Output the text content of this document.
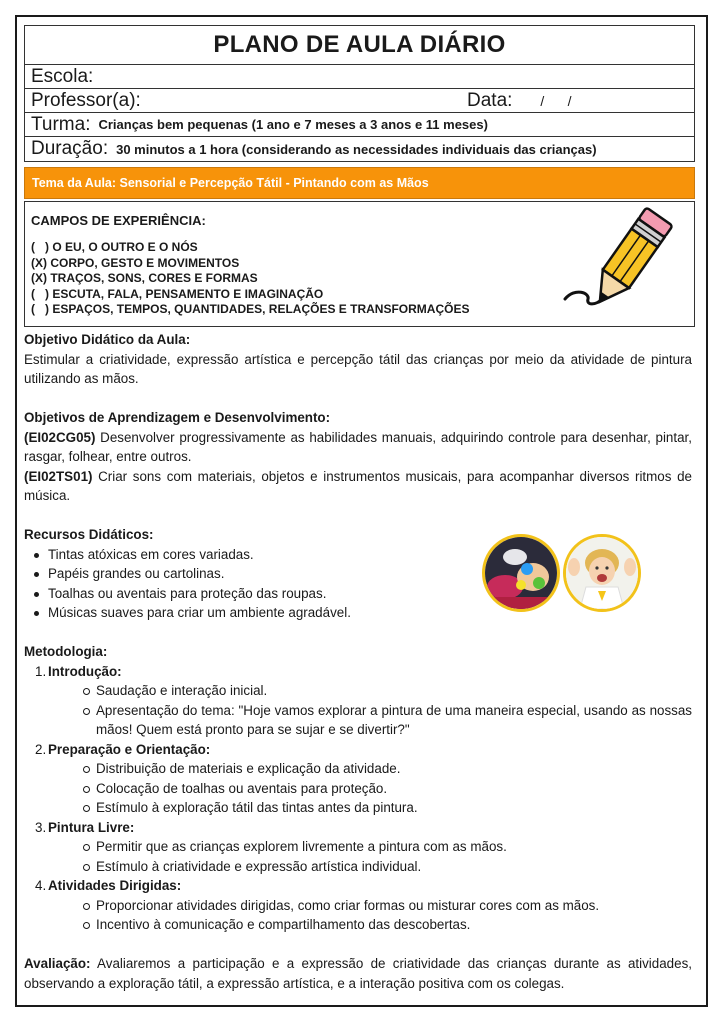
PLANO DE AULA DIÁRIO
Escola:
Professor(a):	Data: /      /
Turma: Crianças bem pequenas (1 ano e 7 meses a 3 anos e 11 meses)
Duração: 30 minutos a 1 hora (considerando as necessidades individuais das crianças)
Tema da Aula: Sensorial e Percepção Tátil - Pintando com as Mãos
CAMPOS DE EXPERIÊNCIA:
(   ) O EU, O OUTRO E O NÓS
(X) CORPO, GESTO E MOVIMENTOS
(X) TRAÇOS, SONS, CORES E FORMAS
(   ) ESCUTA, FALA, PENSAMENTO E IMAGINAÇÃO
(   ) ESPAÇOS, TEMPOS, QUANTIDADES, RELAÇÕES E TRANSFORMAÇÕES

Objetivo Didático da Aula:

Estimular a criatividade, expressão artística e percepção tátil das crianças por meio da atividade de pintura utilizando as mãos.

Objetivos de Aprendizagem e Desenvolvimento:

(EI02CG05) Desenvolver progressivamente as habilidades manuais, adquirindo controle para desenhar, pintar, rasgar, folhear, entre outros.

(EI02TS01) Criar sons com materiais, objetos e instrumentos musicais, para acompanhar diversos ritmos de música.

Recursos Didáticos:

Tintas atóxicas em cores variadas.
Papéis grandes ou cartolinas.
Toalhas ou aventais para proteção das roupas.
Músicas suaves para criar um ambiente agradável.

Metodologia:

1. Introdução:
Saudação e interação inicial.
Apresentação do tema: "Hoje vamos explorar a pintura de uma maneira especial, usando as nossas mãos! Quem está pronto para se sujar e se divertir?"
2. Preparação e Orientação:
Distribuição de materiais e explicação da atividade.
Colocação de toalhas ou aventais para proteção.
Estímulo à exploração tátil das tintas antes da pintura.
3. Pintura Livre:
Permitir que as crianças explorem livremente a pintura com as mãos.
Estímulo à criatividade e expressão artística individual.
4. Atividades Dirigidas:
Proporcionar atividades dirigidas, como criar formas ou misturar cores com as mãos.
Incentivo à comunicação e compartilhamento das descobertas.

Avaliação: Avaliaremos a participação e a expressão de criatividade das crianças durante as atividades, observando a exploração tátil, a expressão artística, e a interação positiva com os colegas.
